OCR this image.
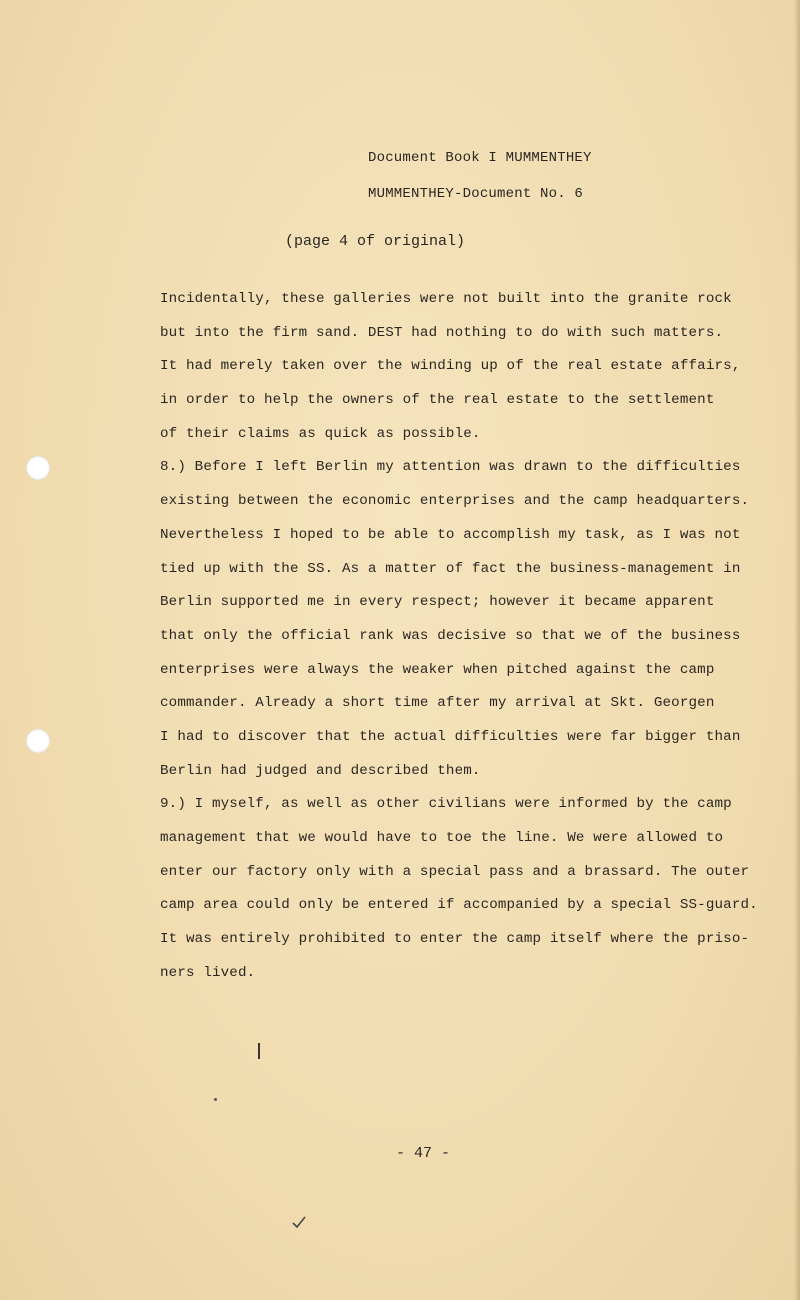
Document Book I MUMMENTHEY
MUMMENTHEY-Document No. 6
(page 4 of original)
Incidentally, these galleries were not built into the granite rock
but into the firm sand. DEST had nothing to do with such matters.
It had merely taken over the winding up of the real estate affairs,
in order to help the owners of the real estate to the settlement
of their claims as quick as possible.
8.) Before I left Berlin my attention was drawn to the difficulties
existing between the economic enterprises and the camp headquarters.
Nevertheless I hoped to be able to accomplish my task, as I was not
tied up with the SS. As a matter of fact the business-management in
Berlin supported me in every respect; however it became apparent
that only the official rank was decisive so that we of the business
enterprises were always the weaker when pitched against the camp
commander. Already a short time after my arrival at Skt. Georgen
I had to discover that the actual difficulties were far bigger than
Berlin had judged and described them.
9.) I myself, as well as other civilians were informed by the camp
management that we would have to toe the line. We were allowed to
enter our factory only with a special pass and a brassard. The outer
camp area could only be entered if accompanied by a special SS-guard.
It was entirely prohibited to enter the camp itself where the priso-
ners lived.
- 47 -
